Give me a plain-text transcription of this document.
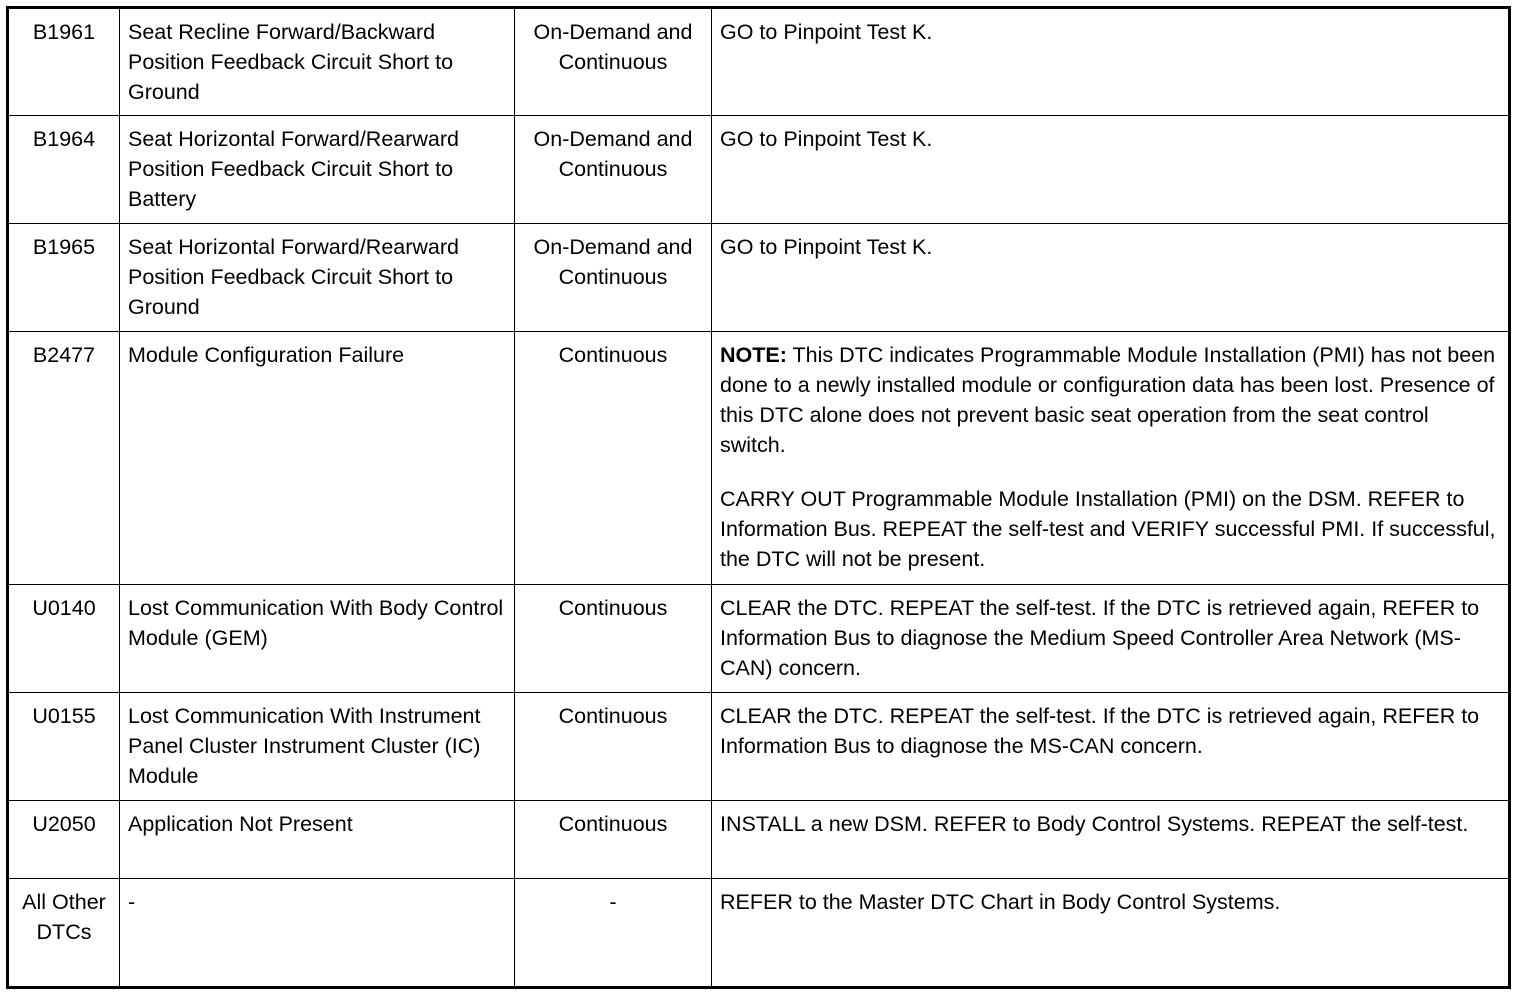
B1961	Seat Recline Forward/Backward Position Feedback Circuit Short to Ground	On-Demand and Continuous	GO to Pinpoint Test K.
B1964	Seat Horizontal Forward/Rearward Position Feedback Circuit Short to Battery	On-Demand and Continuous	GO to Pinpoint Test K.
B1965	Seat Horizontal Forward/Rearward Position Feedback Circuit Short to Ground	On-Demand and Continuous	GO to Pinpoint Test K.
B2477	Module Configuration Failure	Continuous	NOTE: This DTC indicates Programmable Module Installation (PMI) has not been done to a newly installed module or configuration data has been lost. Presence of this DTC alone does not prevent basic seat operation from the seat control switch.
CARRY OUT Programmable Module Installation (PMI) on the DSM. REFER to Information Bus. REPEAT the self-test and VERIFY successful PMI. If successful, the DTC will not be present.

U0140	Lost Communication With Body Control Module (GEM)	Continuous	CLEAR the DTC. REPEAT the self-test. If the DTC is retrieved again, REFER to Information Bus to diagnose the Medium Speed Controller Area Network (MS-CAN) concern.
U0155	Lost Communication With Instrument Panel Cluster Instrument Cluster (IC) Module	Continuous	CLEAR the DTC. REPEAT the self-test. If the DTC is retrieved again, REFER to Information Bus to diagnose the MS-CAN concern.
U2050	Application Not Present	Continuous	INSTALL a new DSM. REFER to Body Control Systems. REPEAT the self-test.
All Other DTCs	-	-	REFER to the Master DTC Chart in Body Control Systems.
